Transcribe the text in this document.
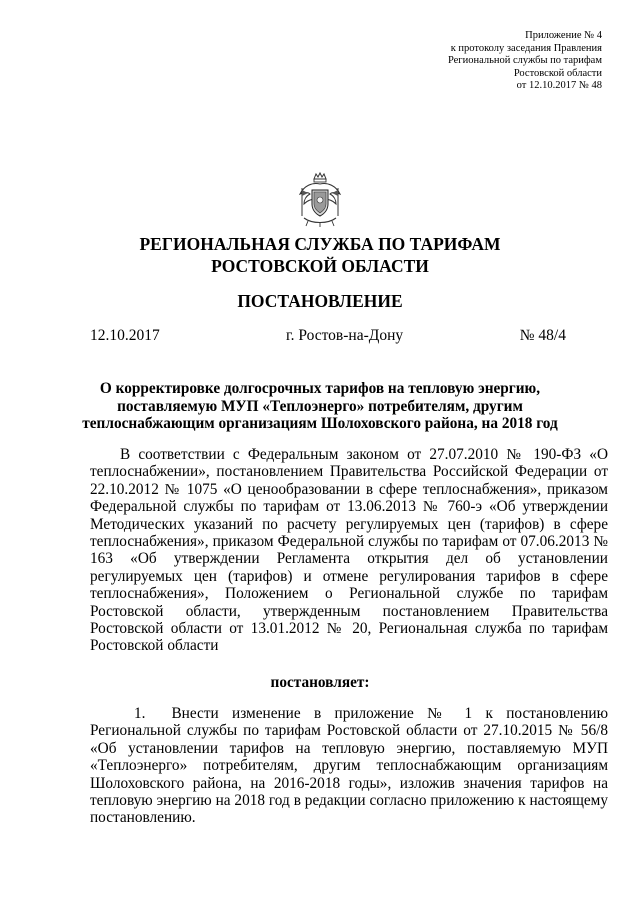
Приложение № 4
к протоколу заседания Правления
Региональной службы по тарифам
Ростовской области
от 12.10.2017 № 48
РЕГИОНАЛЬНАЯ СЛУЖБА ПО ТАРИФАМ
РОСТОВСКОЙ ОБЛАСТИ
ПОСТАНОВЛЕНИЕ
12.10.2017	г. Ростов-на-Дону	№ 48/4
О корректировке долгосрочных тарифов на тепловую энергию,
поставляемую МУП «Теплоэнерго» потребителям, другим
теплоснабжающим организациям Шолоховского района, на 2018 год
В соответствии с Федеральным законом от 27.07.2010 № 190-ФЗ «О теплоснабжении», постановлением Правительства Российской Федерации от 22.10.2012 № 1075 «О ценообразовании в сфере теплоснабжения», приказом Федеральной службы по тарифам от 13.06.2013 № 760-э «Об утверждении Методических указаний по расчету регулируемых цен (тарифов) в сфере теплоснабжения», приказом Федеральной службы по тарифам от 07.06.2013 № 163 «Об утверждении Регламента открытия дел об установлении регулируемых цен (тарифов) и отмене регулирования тарифов в сфере теплоснабжения», Положением о Региональной службе по тарифам Ростовской области, утвержденным постановлением Правительства Ростовской области от 13.01.2012 № 20, Региональная служба по тарифам Ростовской области
постановляет:
1. Внести изменение в приложение № 1 к постановлению Региональной службы по тарифам Ростовской области от 27.10.2015 № 56/8 «Об установлении тарифов на тепловую энергию, поставляемую МУП «Теплоэнерго» потребителям, другим теплоснабжающим организациям Шолоховского района, на 2016-2018 годы», изложив значения тарифов на тепловую энергию на 2018 год в редакции согласно приложению к настоящему постановлению.
